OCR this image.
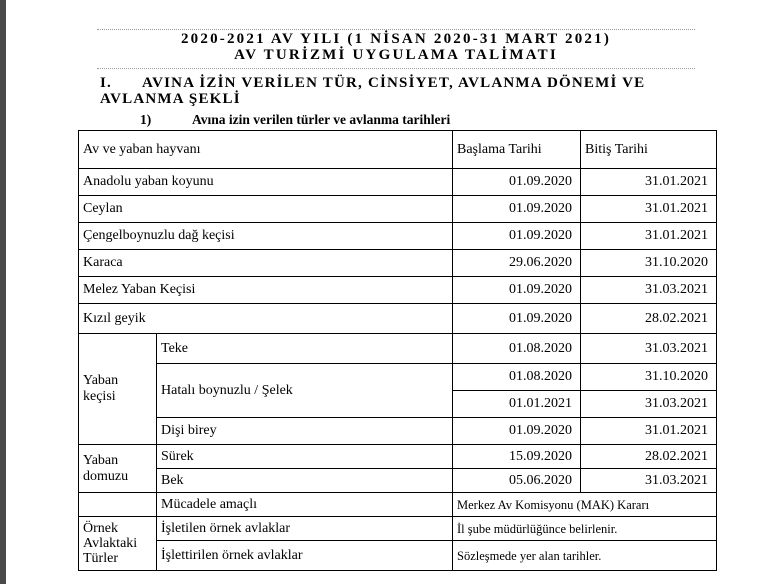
2020-2021 AV YILI (1 NİSAN 2020-31 MART 2021)
AV TURİZMİ UYGULAMA TALİMATI
I. AVINA İZİN VERİLEN TÜR, CİNSİYET, AVLANMA DÖNEMİ VE
AVLANMA ŞEKLİ
1)	Avına izin verilen türler ve avlanma tarihleri
Av ve yaban hayvanı		Başlama Tarihi	Bitiş Tarihi
Anadolu yaban koyunu		01.09.2020	31.01.2021
Ceylan		01.09.2020	31.01.2021
Çengelboynuzlu dağ keçisi		01.09.2020	31.01.2021
Karaca		29.06.2020	31.10.2020
Melez Yaban Keçisi		01.09.2020	31.03.2021
Kızıl geyik		01.09.2020	28.02.2021

Yaban
keçisi	Teke	01.08.2020	31.03.2021
	Hatalı boynuzlu / Şelek	01.08.2020	31.10.2020
		01.01.2021	31.03.2021
	Dişi birey	01.09.2020	31.01.2021

Yaban
domuzu	Sürek	15.09.2020	28.02.2021
	Bek	05.06.2020	31.03.2021
	Mücadele amaçlı	Merkez Av Komisyonu (MAK) Kararı	

Örnek
Avlaktaki
Türler	İşletilen örnek avlaklar	İl şube müdürlüğünce belirlenir.	
	İşlettirilen örnek avlaklar	Sözleşmede yer alan tarihler.	
